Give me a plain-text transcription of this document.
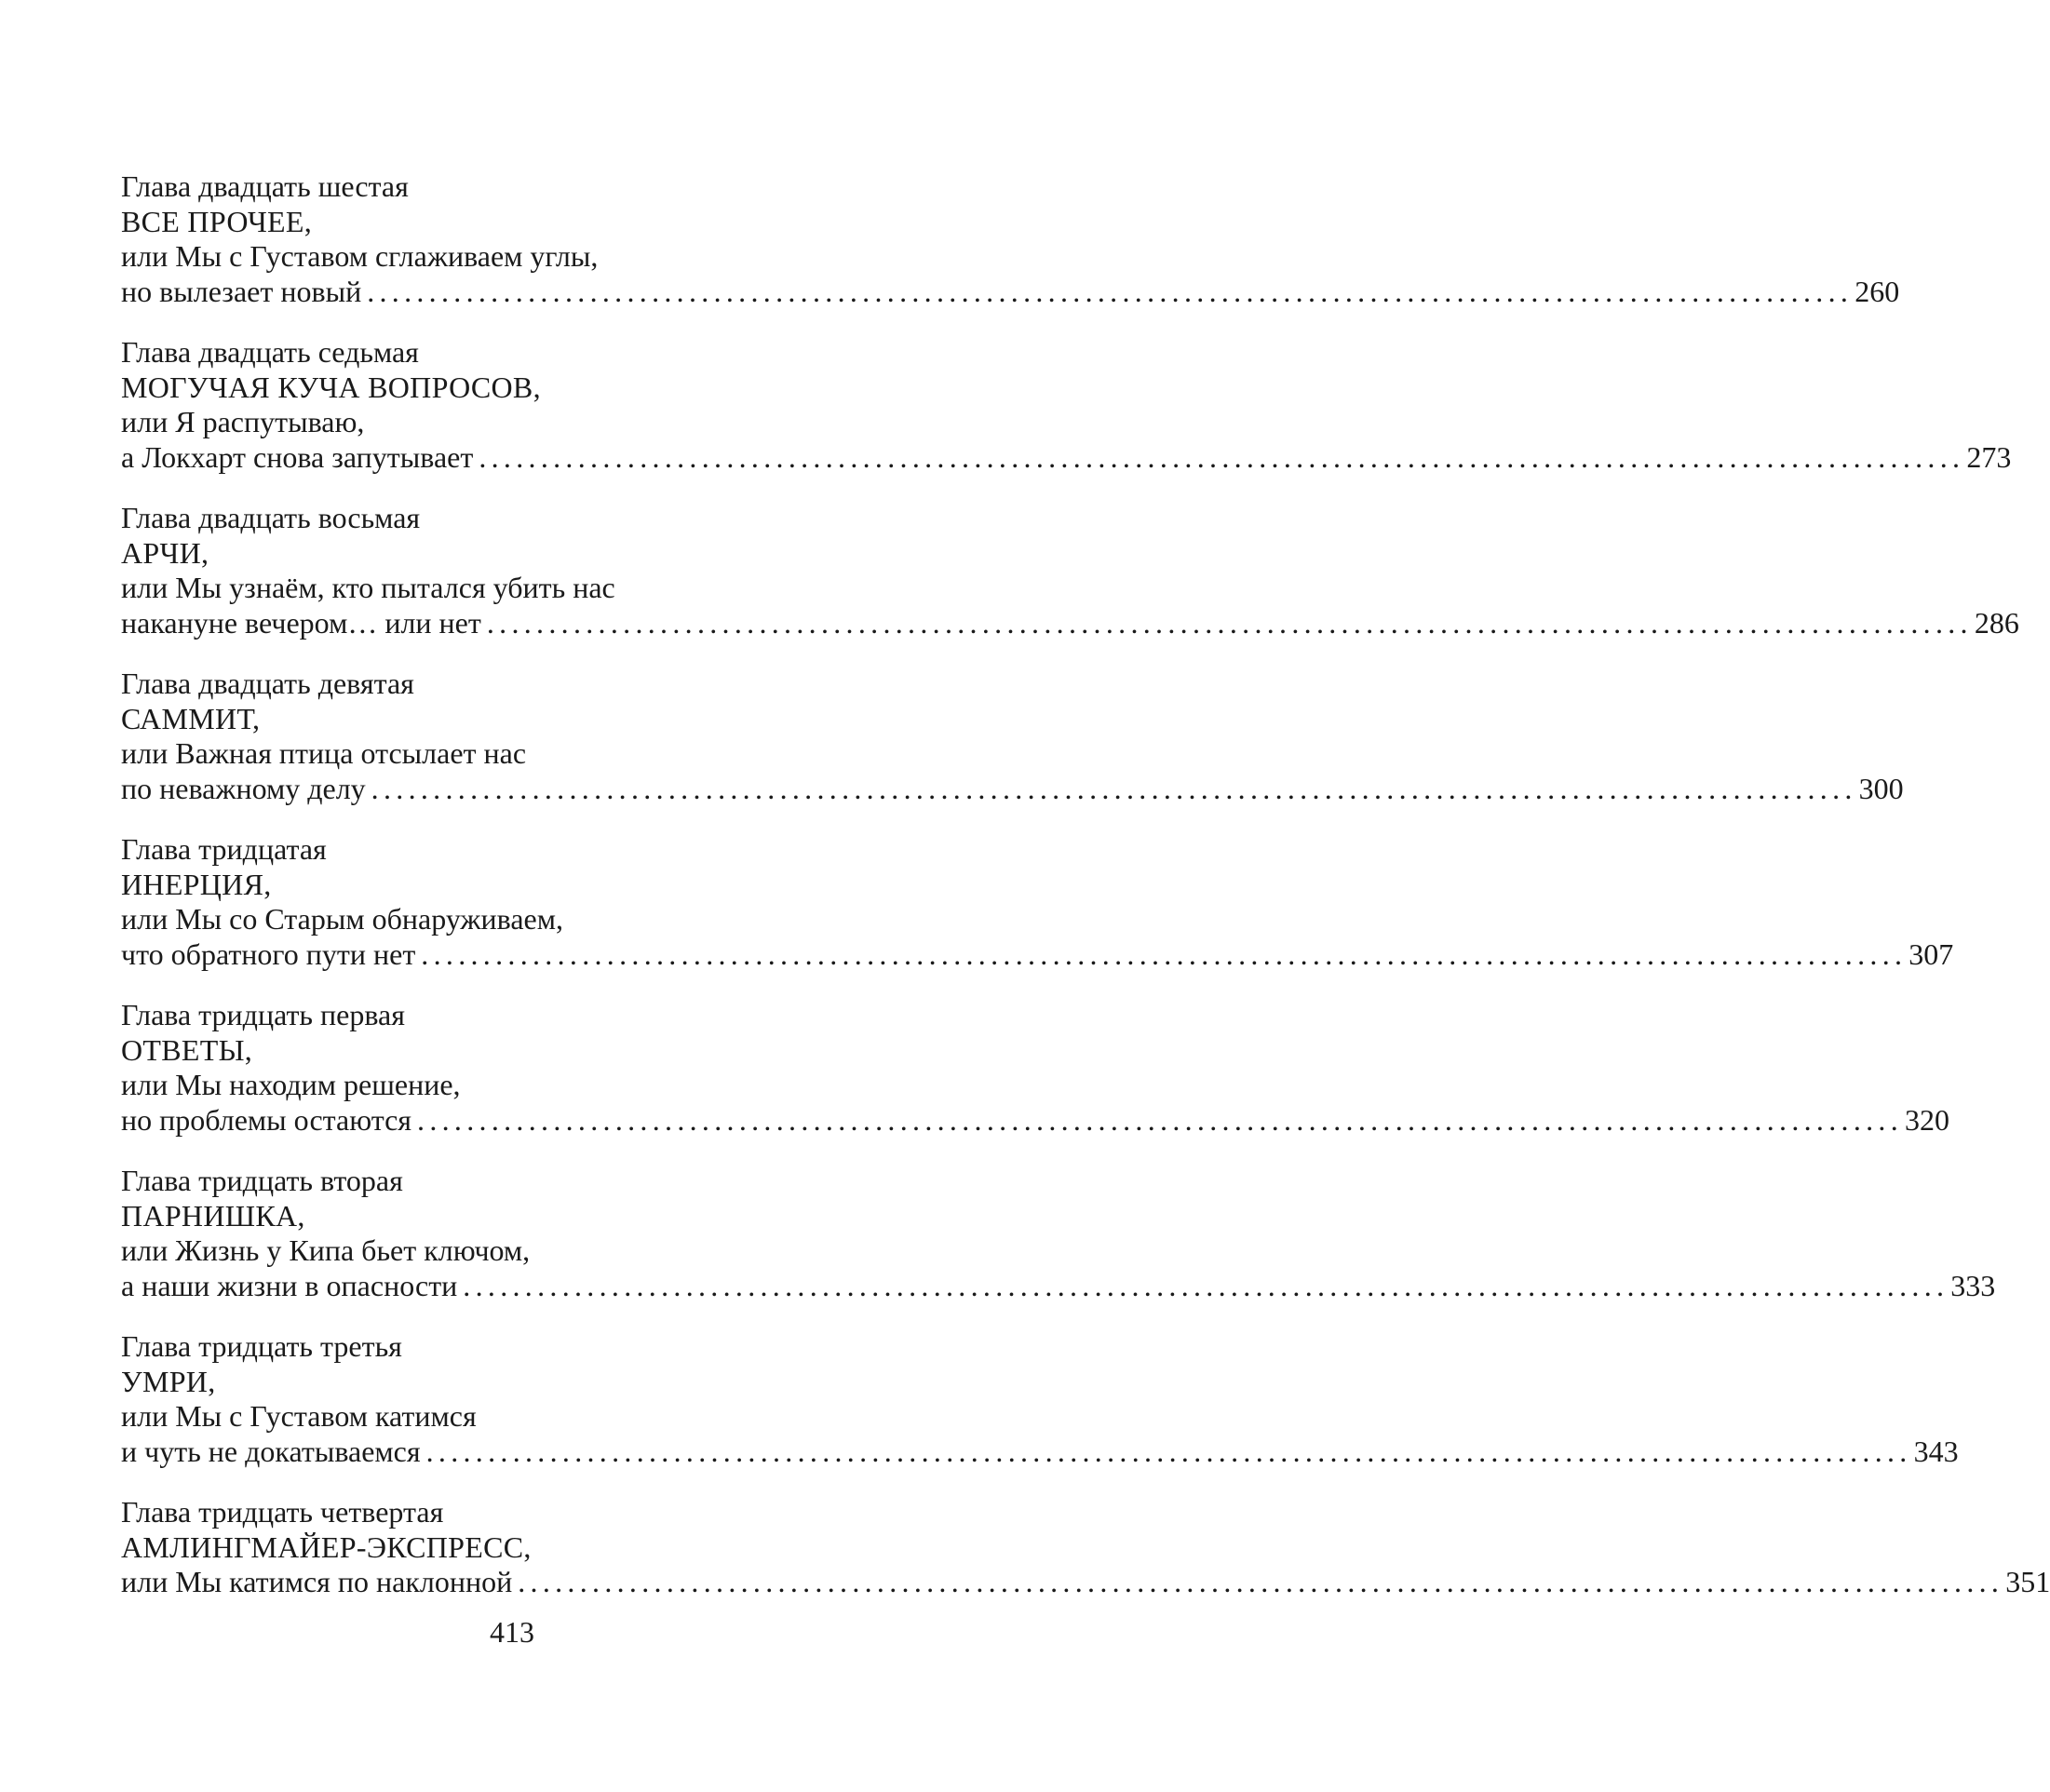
Глава двадцать шестая
ВСЕ ПРОЧЕЕ,
или Мы с Густавом сглаживаем углы,
но вылезает новый ........................................................................................................................ 260
Глава двадцать седьмая
МОГУЧАЯ КУЧА ВОПРОСОВ,
или Я распутываю,
а Локхарт снова запутывает ........................................................................................................................ 273
Глава двадцать восьмая
АРЧИ,
или Мы узнаём, кто пытался убить нас
накануне вечером… или нет ........................................................................................................................ 286
Глава двадцать девятая
САММИТ,
или Важная птица отсылает нас
по неважному делу ........................................................................................................................ 300
Глава тридцатая
ИНЕРЦИЯ,
или Мы со Старым обнаруживаем,
что обратного пути нет ........................................................................................................................ 307
Глава тридцать первая
ОТВЕТЫ,
или Мы находим решение,
но проблемы остаются ........................................................................................................................ 320
Глава тридцать вторая
ПАРНИШКА,
или Жизнь у Кипа бьет ключом,
а наши жизни в опасности ........................................................................................................................ 333
Глава тридцать третья
УМРИ,
или Мы с Густавом катимся
и чуть не докатываемся ........................................................................................................................ 343
Глава тридцать четвертая
АМЛИНГМАЙЕР-ЭКСПРЕСС,
или Мы катимся по наклонной ........................................................................................................................ 351
413
